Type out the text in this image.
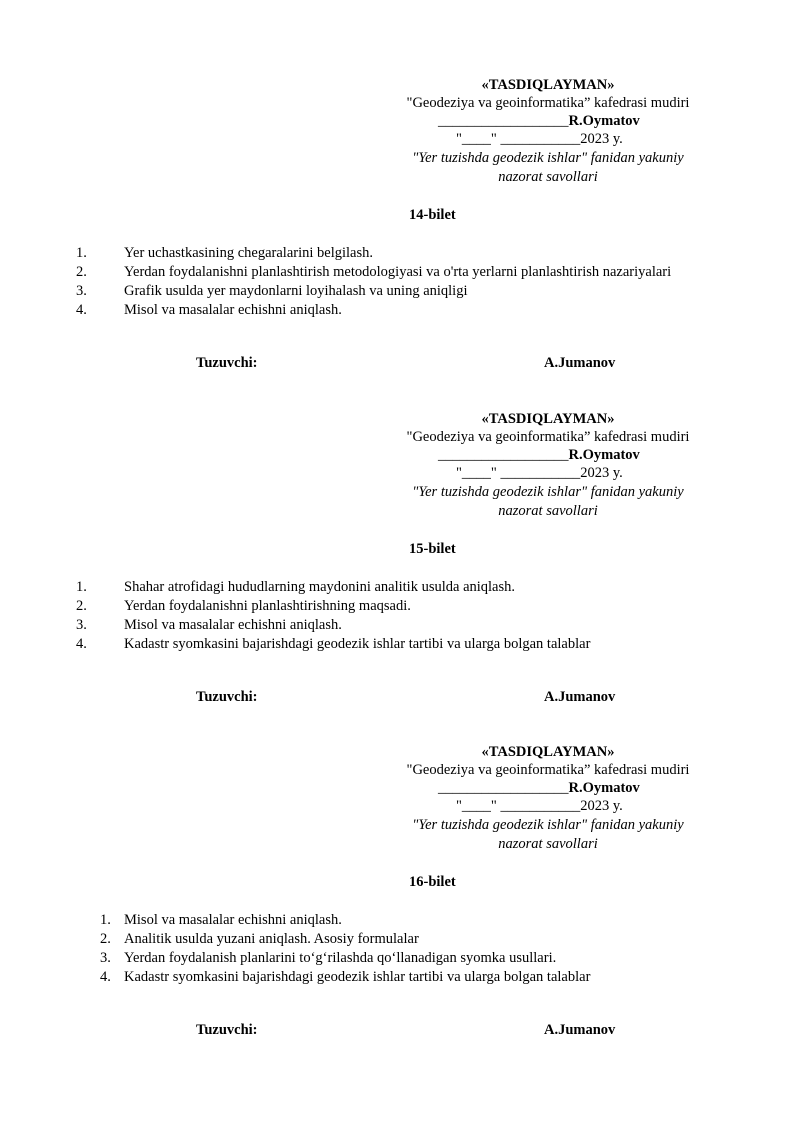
«TASDIQLAYMAN»
"Geodeziya va geoinformatika” kafedrasi mudiri
__________________R.Oymatov
"____" ___________2023 y.
"Yer tuzishda geodezik ishlar" fanidan yakuniy
nazorat savollari
14-bilet
1.	Yer uchastkasining chegaralarini belgilash.
2.	Yerdan foydalanishni planlashtirish metodologiyasi va o'rta yerlarni planlashtirish nazariyalari
3.	Grafik usulda yer maydonlarni loyihalash va uning aniqligi
4.	Misol va masalalar echishni aniqlash.
Tuzuvchi:	A.Jumanov
«TASDIQLAYMAN»
"Geodeziya va geoinformatika” kafedrasi mudiri
__________________R.Oymatov
"____" ___________2023 y.
"Yer tuzishda geodezik ishlar" fanidan yakuniy
nazorat savollari
15-bilet
1.	Shahar atrofidagi hududlarning maydonini analitik usulda aniqlash.
2.	Yerdan foydalanishni planlashtirishning maqsadi.
3.	Misol va masalalar echishni aniqlash.
4.	Kadastr syomkasini bajarishdagi geodezik ishlar tartibi va ularga bolgan talablar
Tuzuvchi:	A.Jumanov
«TASDIQLAYMAN»
"Geodeziya va geoinformatika” kafedrasi mudiri
__________________R.Oymatov
"____" ___________2023 y.
"Yer tuzishda geodezik ishlar" fanidan yakuniy
nazorat savollari
16-bilet
1. Misol va masalalar echishni aniqlash.
2. Analitik usulda yuzani aniqlash. Asosiy formulalar
3. Yerdan foydalanish planlarini to‘g‘rilashda qo‘llanadigan syomka usullari.
4. Kadastr syomkasini bajarishdagi geodezik ishlar tartibi va ularga bolgan talablar
Tuzuvchi:	A.Jumanov
